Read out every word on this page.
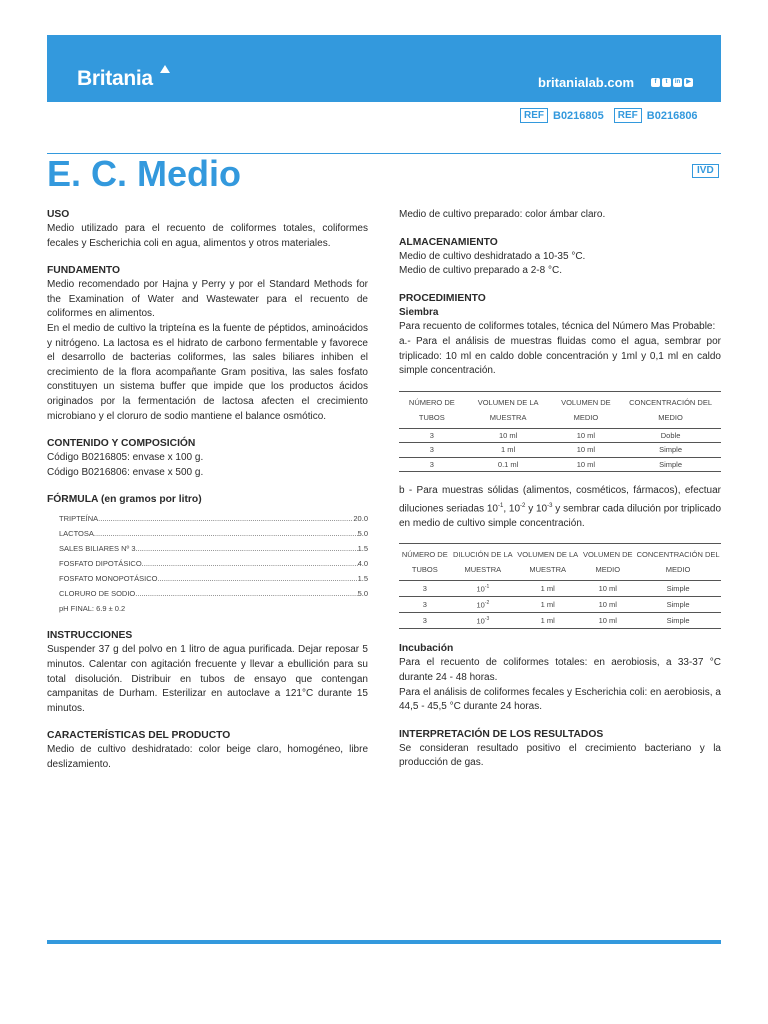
Britania	britanialab.com	f	t	in	▶
REF B0216805	REF B0216806
E. C. Medio	IVD
USO
Medio utilizado para el recuento de coliformes totales, coliformes fecales y Escherichia coli en agua, alimentos y otros materiales.
FUNDAMENTO
Medio recomendado por Hajna y Perry y por el Standard Methods for the Examination of Water and Wastewater para el recuento de coliformes en alimentos.
En el medio de cultivo la tripteína es la fuente de péptidos, aminoácidos y nitrógeno. La lactosa es el hidrato de carbono fermentable y favorece el desarrollo de bacterias coliformes, las sales biliares inhiben el crecimiento de la flora acompañante Gram positiva, las sales fosfato constituyen un sistema buffer que impide que los productos ácidos originados por la fermentación de lactosa afecten el crecimiento microbiano y el cloruro de sodio mantiene el balance osmótico.
CONTENIDO Y COMPOSICIÓN
Código B0216805: envase x 100 g.
Código B0216806: envase x 500 g.
FÓRMULA (en gramos por litro)
TRIPTEÍNA .....	20.0
LACTOSA .....	5.0
SALES BILIARES Nº 3 .....	1.5
FOSFATO DIPOTÁSICO .....	4.0
FOSFATO MONOPOTÁSICO .....	1.5
CLORURO DE SODIO .....	5.0
pH FINAL: 6.9 ± 0.2
INSTRUCCIONES
Suspender 37 g del polvo en 1 litro de agua purificada. Dejar reposar 5 minutos. Calentar con agitación frecuente y llevar a ebullición para su total disolución. Distribuir en tubos de ensayo que contengan campanitas de Durham. Esterilizar en autoclave a 121°C durante 15 minutos.
CARACTERÍSTICAS DEL PRODUCTO
Medio de cultivo deshidratado: color beige claro, homogéneo, libre deslizamiento.
Medio de cultivo preparado: color ámbar claro.
ALMACENAMIENTO
Medio de cultivo deshidratado a 10-35 °C.
Medio de cultivo preparado a 2-8 °C.
PROCEDIMIENTO
Siembra
Para recuento de coliformes totales, técnica del Número Mas Probable:
a.- Para el análisis de muestras fluidas como el agua, sembrar por triplicado: 10 ml en caldo doble concentración y 1ml y 0,1 ml en caldo simple concentración.
NÚMERO DE TUBOS	VOLUMEN DE LA MUESTRA	VOLUMEN DE MEDIO	CONCENTRACIÓN DEL MEDIO
3	10 ml	10 ml	Doble
3	1 ml	10 ml	Simple
3	0.1 ml	10 ml	Simple
b - Para muestras sólidas (alimentos, cosméticos, fármacos), efectuar diluciones seriadas $10^{-1}$, $10^{-2}$ y $10^{-3}$ y sembrar cada dilución por triplicado en medio de cultivo simple concentración.
NÚMERO DE TUBOS	DILUCIÓN DE LA MUESTRA	VOLUMEN DE LA MUESTRA	VOLUMEN DE MEDIO	CONCENTRACIÓN DEL MEDIO
3	$10^{-1}$	1 ml	10 ml	Simple
3	$10^{-2}$	1 ml	10 ml	Simple
3	$10^{-3}$	1 ml	10 ml	Simple
Incubación
Para el recuento de coliformes totales: en aerobiosis, a 33-37 °C durante 24 - 48 horas.
Para el análisis de coliformes fecales y Escherichia coli: en aerobiosis, a 44,5 - 45,5 °C durante 24 horas.
INTERPRETACIÓN DE LOS RESULTADOS
Se consideran resultado positivo el crecimiento bacteriano y la producción de gas.
